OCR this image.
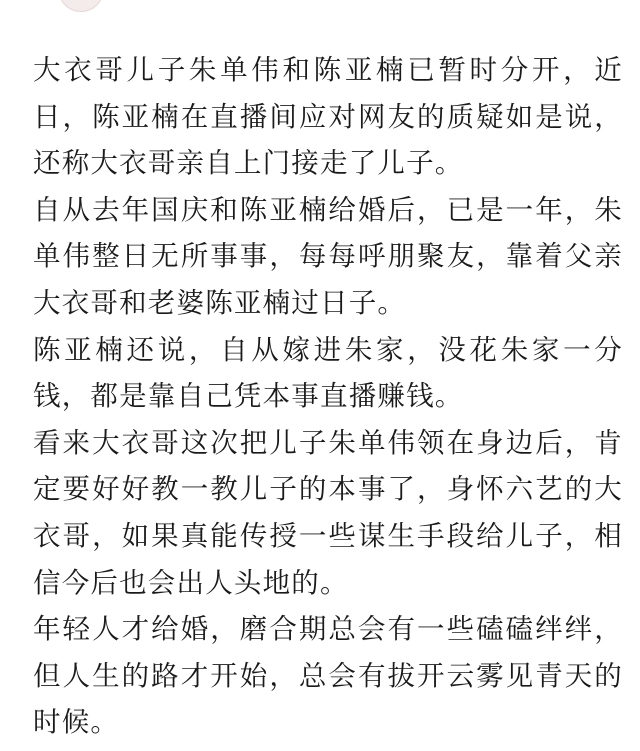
大衣哥儿子朱单伟和陈亚楠已暂时分开，近日，陈亚楠在直播间应对网友的质疑如是说，还称大衣哥亲自上门接走了儿子。

自从去年国庆和陈亚楠给婚后，已是一年，朱单伟整日无所事事，每每呼朋聚友，靠着父亲大衣哥和老婆陈亚楠过日子。

陈亚楠还说，自从嫁进朱家，没花朱家一分钱，都是靠自己凭本事直播赚钱。

看来大衣哥这次把儿子朱单伟领在身边后，肯定要好好教一教儿子的本事了，身怀六艺的大衣哥，如果真能传授一些谋生手段给儿子，相信今后也会出人头地的。

年轻人才给婚，磨合期总会有一些磕磕绊绊，但人生的路才开始，总会有拔开云雾见青天的时候。
